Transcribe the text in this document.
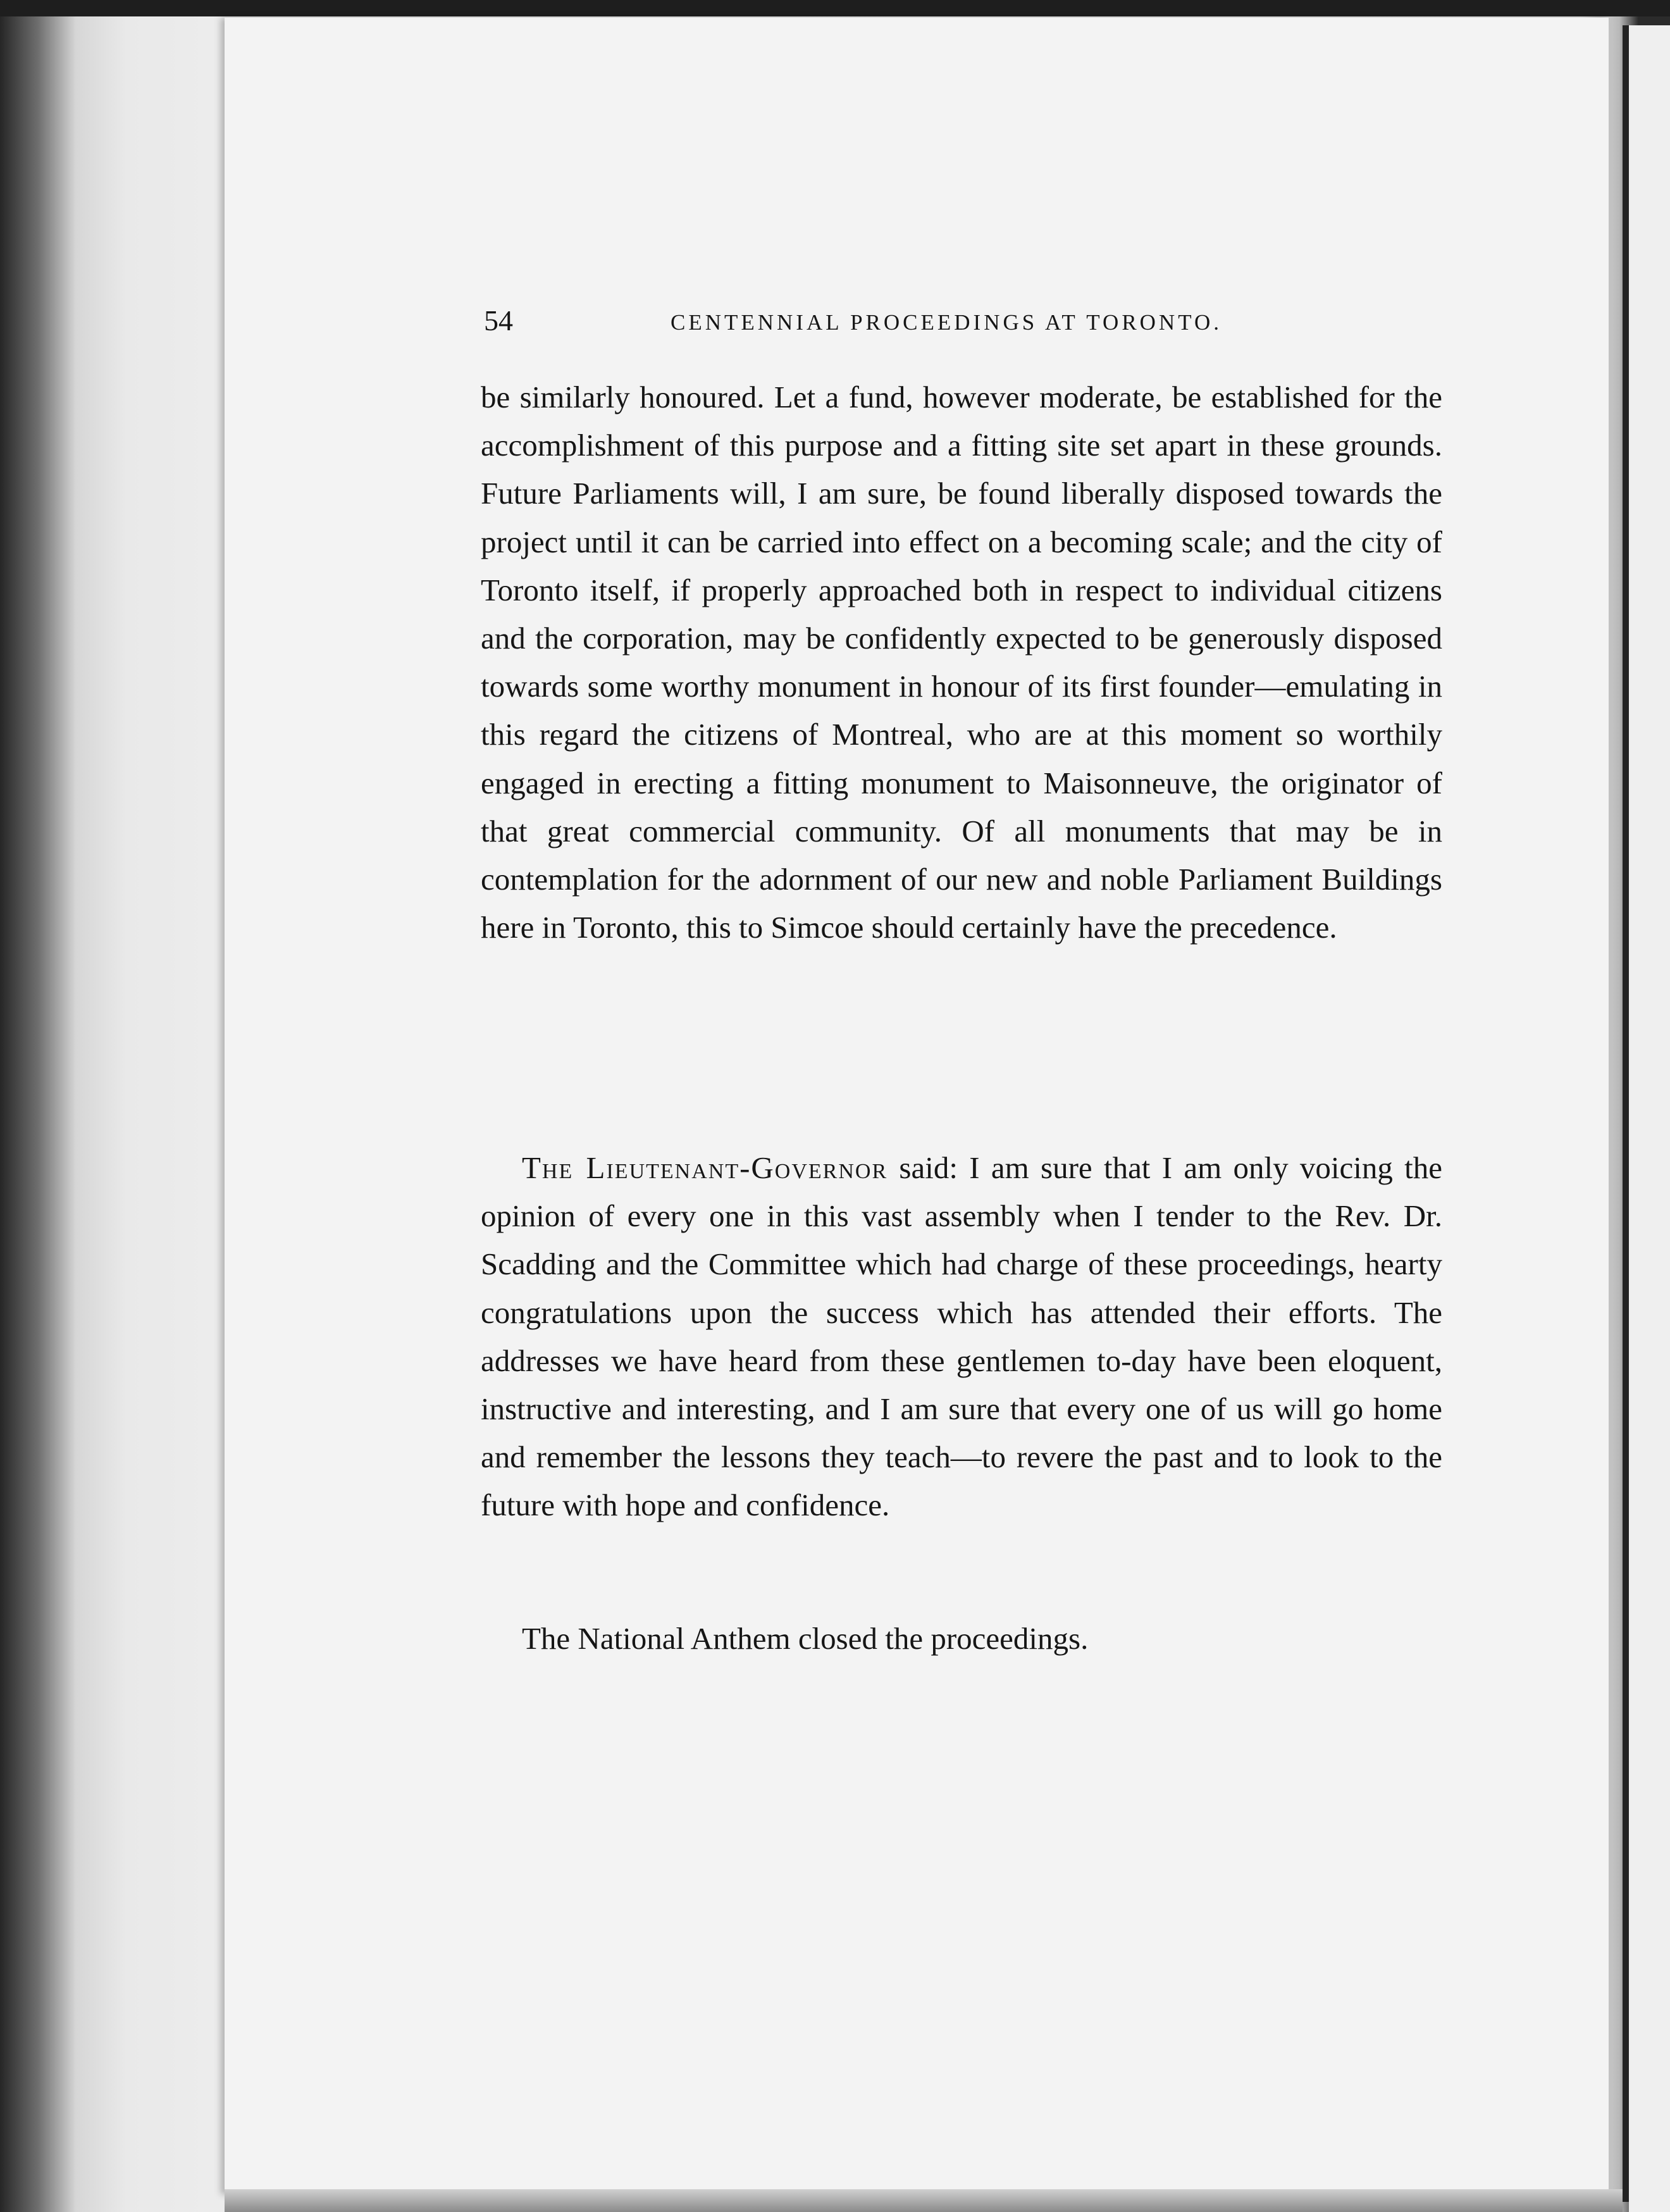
54	CENTENNIAL PROCEEDINGS AT TORONTO.

be similarly honoured. Let a fund, however moderate, be established for the accomplishment of this purpose and a fitting site set apart in these grounds. Future Parliaments will, I am sure, be found liberally disposed towards the project until it can be carried into effect on a becoming scale; and the city of Toronto itself, if properly approached both in respect to individual citizens and the corporation, may be confidently expected to be generously disposed towards some worthy monument in honour of its first founder—emulating in this regard the citizens of Montreal, who are at this moment so worthily engaged in erecting a fitting monument to Maisonneuve, the originator of that great commercial community. Of all monuments that may be in contemplation for the adornment of our new and noble Parliament Buildings here in Toronto, this to Simcoe should certainly have the precedence.

The Lieutenant-Governor said: I am sure that I am only voicing the opinion of every one in this vast assembly when I tender to the Rev. Dr. Scadding and the Committee which had charge of these proceedings, hearty congratulations upon the success which has attended their efforts. The addresses we have heard from these gentlemen to-day have been eloquent, instructive and interesting, and I am sure that every one of us will go home and remember the lessons they teach—to revere the past and to look to the future with hope and confidence.

The National Anthem closed the proceedings.
